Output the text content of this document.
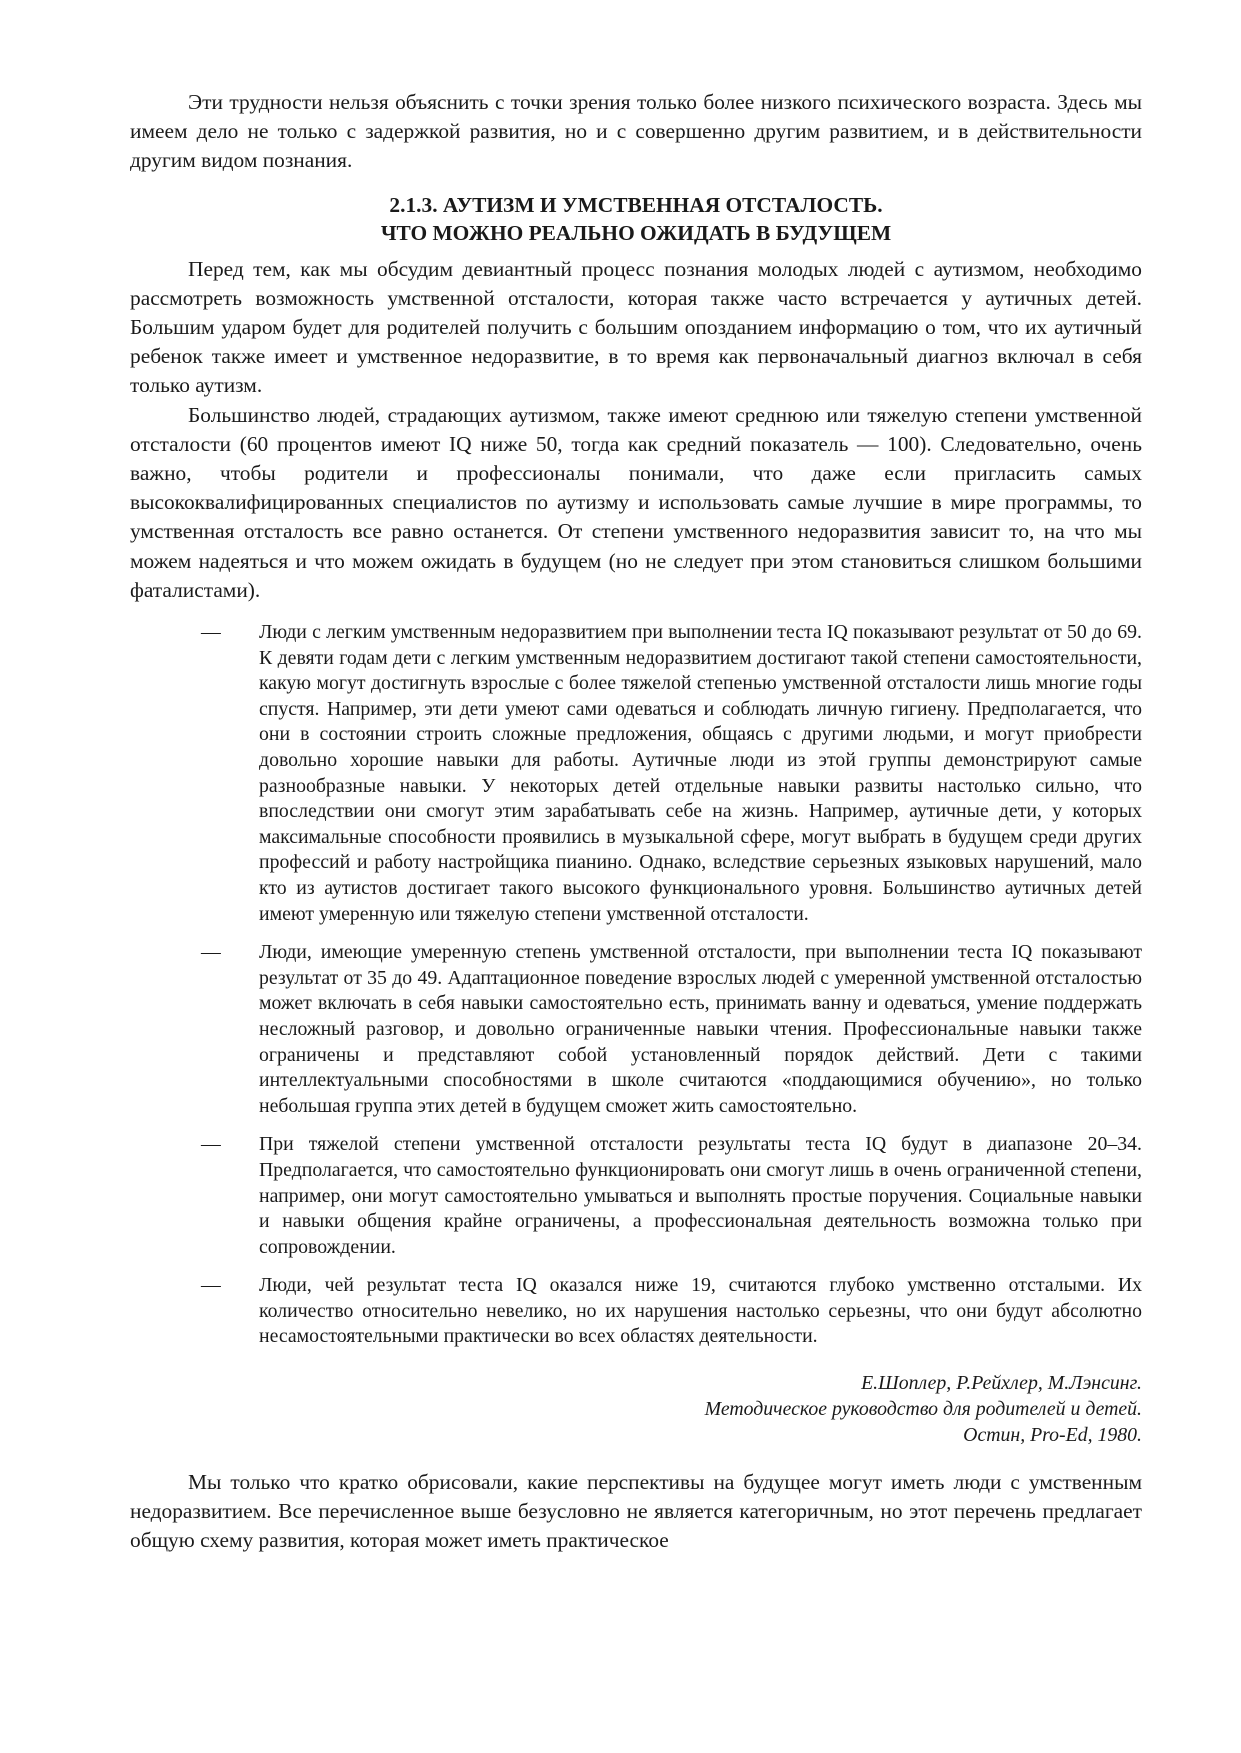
Эти трудности нельзя объяснить с точки зрения только более низкого психического возраста. Здесь мы имеем дело не только с задержкой развития, но и с совершенно другим развитием, и в действительности другим видом познания.

2.1.3. АУТИЗМ И УМСТВЕННАЯ ОТСТАЛОСТЬ.
ЧТО МОЖНО РЕАЛЬНО ОЖИДАТЬ В БУДУЩЕМ

Перед тем, как мы обсудим девиантный процесс познания молодых людей с аутизмом, необходимо рассмотреть возможность умственной отсталости, которая также часто встречается у аутичных детей. Большим ударом будет для родителей получить с большим опозданием информацию о том, что их аутичный ребенок также имеет и умственное недоразвитие, в то время как первоначальный диагноз включал в себя только аутизм.

Большинство людей, страдающих аутизмом, также имеют среднюю или тяжелую степени умственной отсталости (60 процентов имеют IQ ниже 50, тогда как средний показатель — 100). Следовательно, очень важно, чтобы родители и профессионалы понимали, что даже если пригласить самых высококвалифицированных специалистов по аутизму и использовать самые лучшие в мире программы, то умственная отсталость все равно останется. От степени умственного недоразвития зависит то, на что мы можем надеяться и что можем ожидать в будущем (но не следует при этом становиться слишком большими фаталистами).

— Люди с легким умственным недоразвитием при выполнении теста IQ показывают результат от 50 до 69. К девяти годам дети с легким умственным недоразвитием достигают такой степени самостоятельности, какую могут достигнуть взрослые с более тяжелой степенью умственной отсталости лишь многие годы спустя. Например, эти дети умеют сами одеваться и соблюдать личную гигиену. Предполагается, что они в состоянии строить сложные предложения, общаясь с другими людьми, и могут приобрести довольно хорошие навыки для работы. Аутичные люди из этой группы демонстрируют самые разнообразные навыки. У некоторых детей отдельные навыки развиты настолько сильно, что впоследствии они смогут этим зарабатывать себе на жизнь. Например, аутичные дети, у которых максимальные способности проявились в музыкальной сфере, могут выбрать в будущем среди других профессий и работу настройщика пианино. Однако, вследствие серьезных языковых нарушений, мало кто из аутистов достигает такого высокого функционального уровня. Большинство аутичных детей имеют умеренную или тяжелую степени умственной отсталости.
— Люди, имеющие умеренную степень умственной отсталости, при выполнении теста IQ показывают результат от 35 до 49. Адаптационное поведение взрослых людей с умеренной умственной отсталостью может включать в себя навыки самостоятельно есть, принимать ванну и одеваться, умение поддержать несложный разговор, и довольно ограниченные навыки чтения. Профессиональные навыки также ограничены и представляют собой установленный порядок действий. Дети с такими интеллектуальными способностями в школе считаются «поддающимися обучению», но только небольшая группа этих детей в будущем сможет жить самостоятельно.
— При тяжелой степени умственной отсталости результаты теста IQ будут в диапазоне 20–34. Предполагается, что самостоятельно функционировать они смогут лишь в очень ограниченной степени, например, они могут самостоятельно умываться и выполнять простые поручения. Социальные навыки и навыки общения крайне ограничены, а профессиональная деятельность возможна только при сопровождении.
— Люди, чей результат теста IQ оказался ниже 19, считаются глубоко умственно отсталыми. Их количество относительно невелико, но их нарушения настолько серьезны, что они будут абсолютно несамостоятельными практически во всех областях деятельности.
Е.Шоплер, Р.Рейхлер, М.Лэнсинг.
Методическое руководство для родителей и детей.
Остин, Pro-Ed, 1980.

Мы только что кратко обрисовали, какие перспективы на будущее могут иметь люди с умственным недоразвитием. Все перечисленное выше безусловно не является категоричным, но этот перечень предлагает общую схему развития, которая может иметь практическое
